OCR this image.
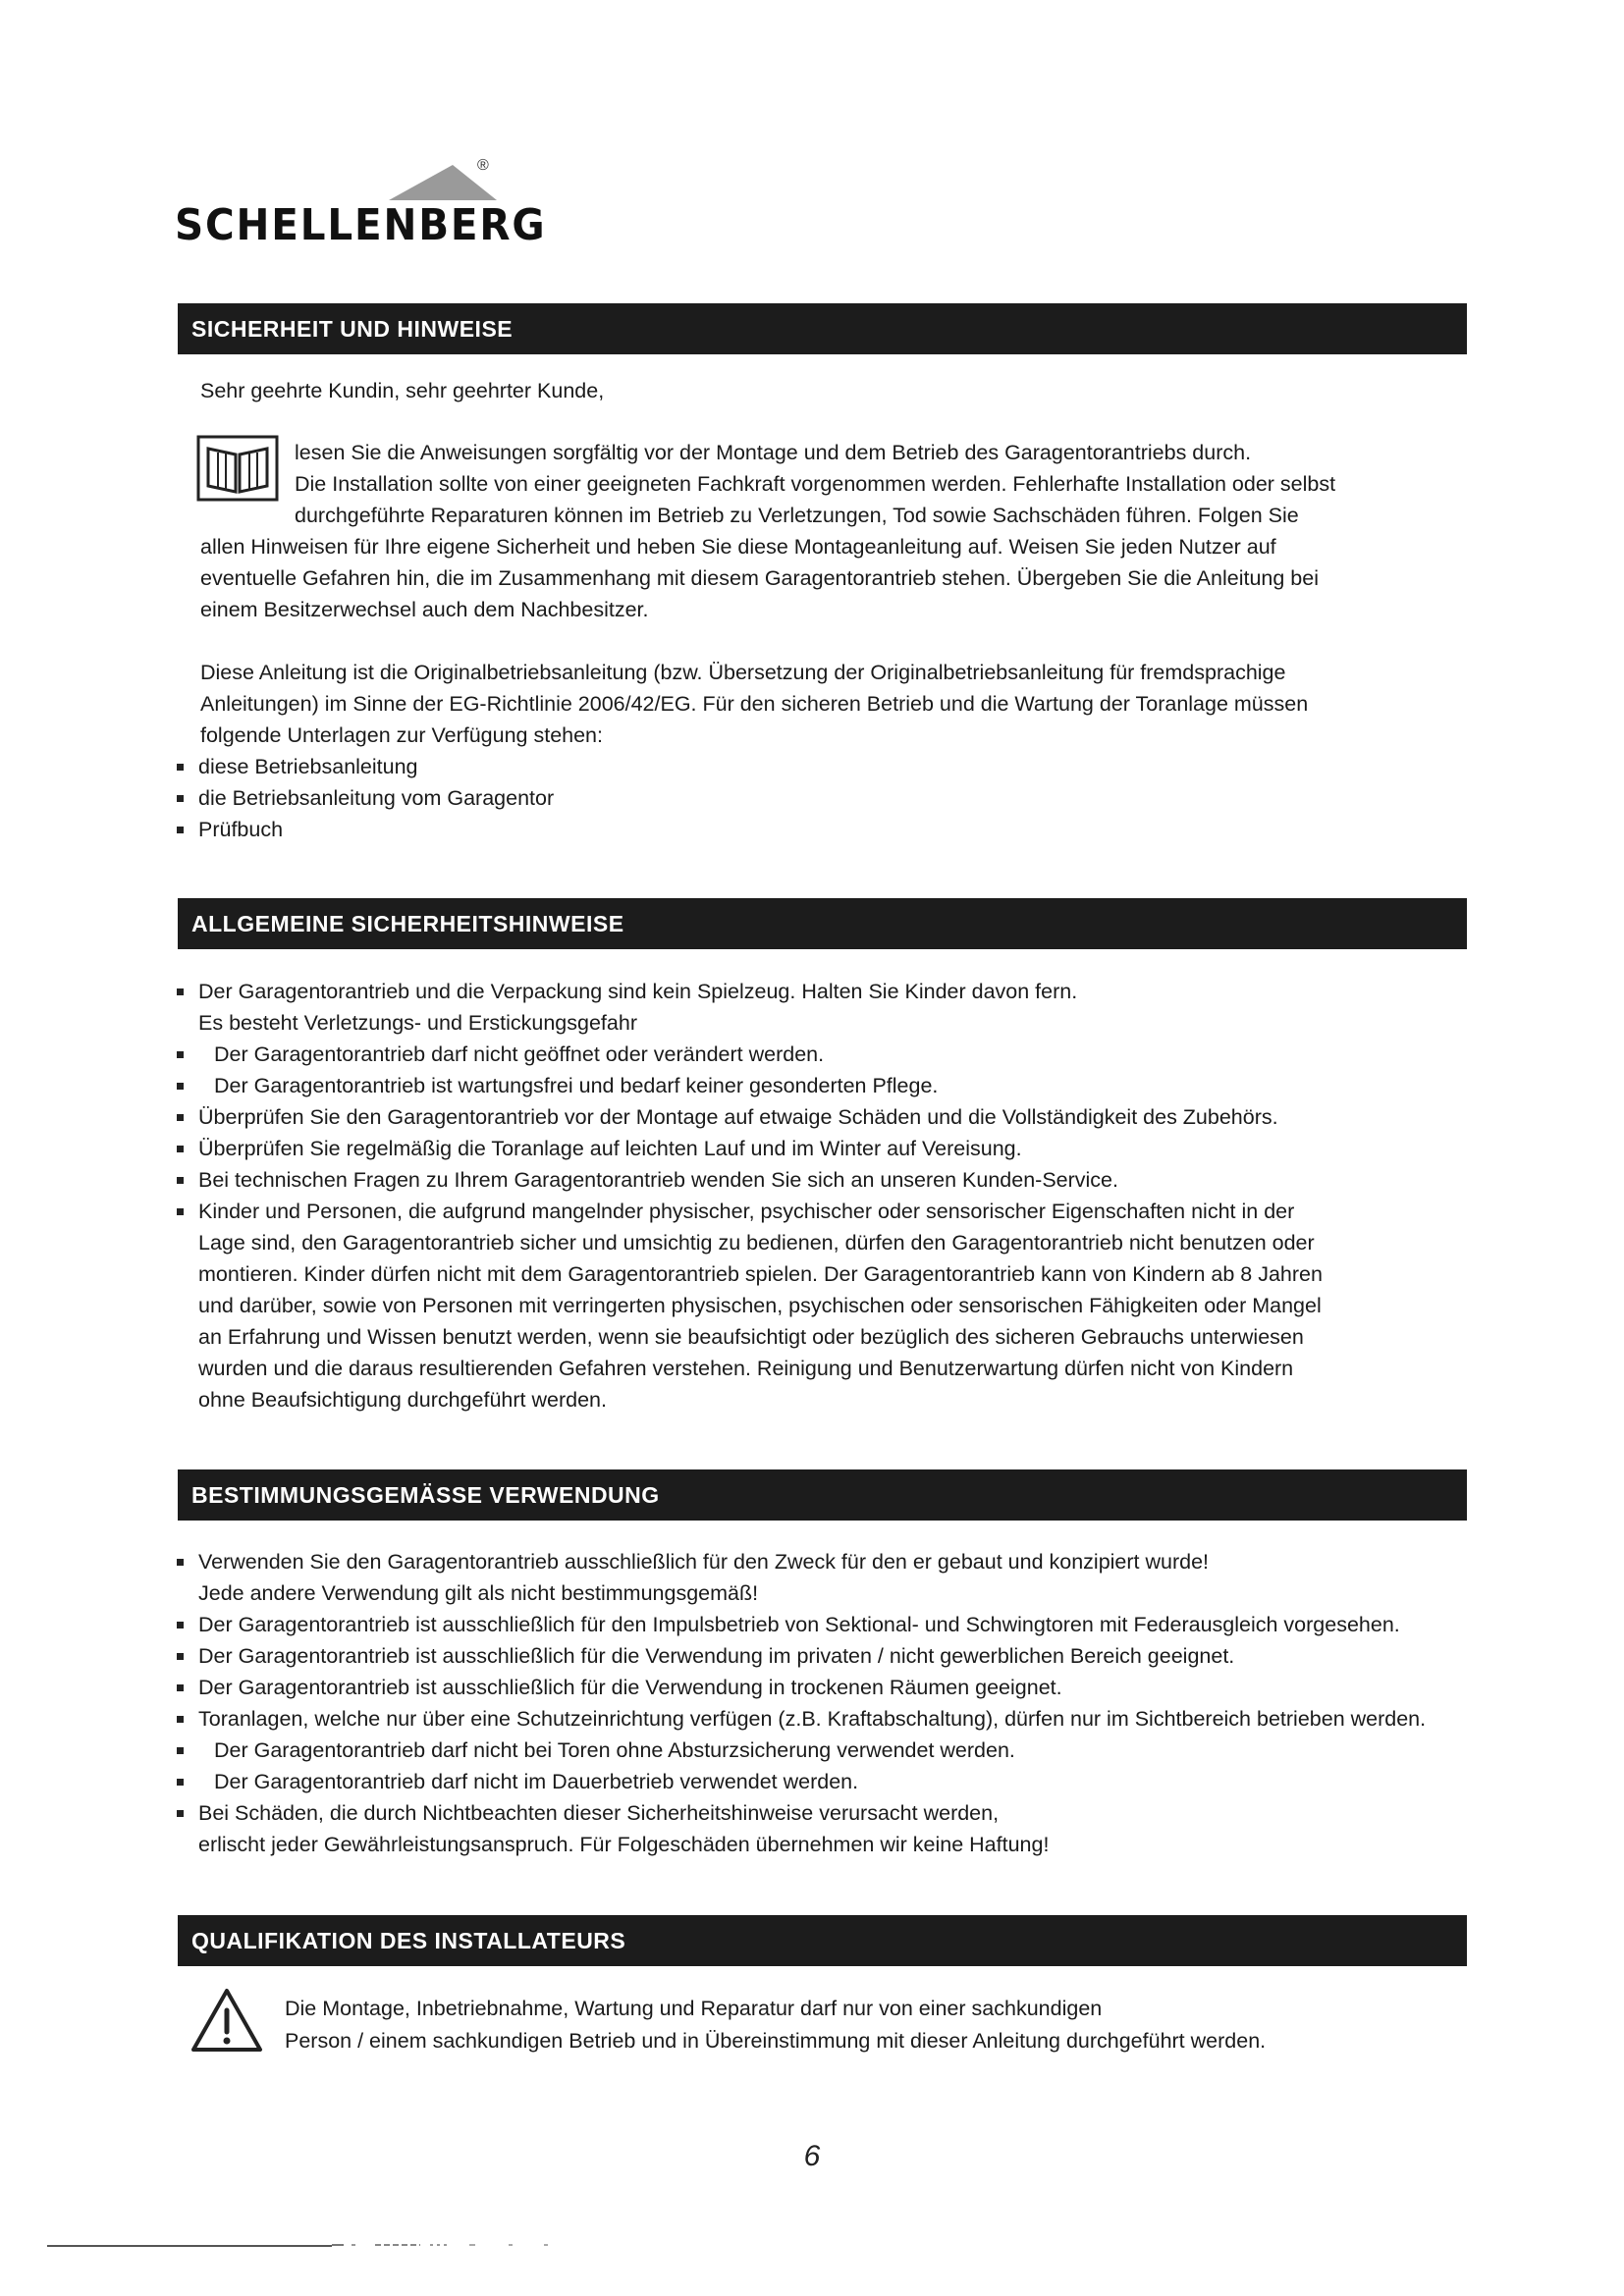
®
SCHELLENBERG
SICHERHEIT UND HINWEISE
Sehr geehrte Kundin, sehr geehrter Kunde,
lesen Sie die Anweisungen sorgfältig vor der Montage und dem Betrieb des Garagentorantriebs durch.
Die Installation sollte von einer geeigneten Fachkraft vorgenommen werden. Fehlerhafte Installation oder selbst
durchgeführte Reparaturen können im Betrieb zu Verletzungen, Tod sowie Sachschäden führen. Folgen Sie
allen Hinweisen für Ihre eigene Sicherheit und heben Sie diese Montageanleitung auf. Weisen Sie jeden Nutzer auf
eventuelle Gefahren hin, die im Zusammenhang mit diesem Garagentorantrieb stehen. Übergeben Sie die Anleitung bei
einem Besitzerwechsel auch dem Nachbesitzer.

Diese Anleitung ist die Originalbetriebsanleitung (bzw. Übersetzung der Originalbetriebsanleitung für fremdsprachige

Anleitungen) im Sinne der EG-Richtlinie 2006/42/EG. Für den sicheren Betrieb und die Wartung der Toranlage müssen

folgende Unterlagen zur Verfügung stehen:

diese Betriebsanleitung
die Betriebsanleitung vom Garagentor
Prüfbuch
ALLGEMEINE SICHERHEITSHINWEISE
Der Garagentorantrieb und die Verpackung sind kein Spielzeug. Halten Sie Kinder davon fern.
Es besteht Verletzungs- und Erstickungsgefahr
Der Garagentorantrieb darf nicht geöffnet oder verändert werden.
Der Garagentorantrieb ist wartungsfrei und bedarf keiner gesonderten Pflege.
Überprüfen Sie den Garagentorantrieb vor der Montage auf etwaige Schäden und die Vollständigkeit des Zubehörs.
Überprüfen Sie regelmäßig die Toranlage auf leichten Lauf und im Winter auf Vereisung.
Bei technischen Fragen zu Ihrem Garagentorantrieb wenden Sie sich an unseren Kunden-Service.
Kinder und Personen, die aufgrund mangelnder physischer, psychischer oder sensorischer Eigenschaften nicht in der
Lage sind, den Garagentorantrieb sicher und umsichtig zu bedienen, dürfen den Garagentorantrieb nicht benutzen oder
montieren. Kinder dürfen nicht mit dem Garagentorantrieb spielen. Der Garagentorantrieb kann von Kindern ab 8 Jahren
und darüber, sowie von Personen mit verringerten physischen, psychischen oder sensorischen Fähigkeiten oder Mangel
an Erfahrung und Wissen benutzt werden, wenn sie beaufsichtigt oder bezüglich des sicheren Gebrauchs unterwiesen
wurden und die daraus resultierenden Gefahren verstehen. Reinigung und Benutzerwartung dürfen nicht von Kindern
ohne Beaufsichtigung durchgeführt werden.
BESTIMMUNGSGEMÄSSE VERWENDUNG
Verwenden Sie den Garagentorantrieb ausschließlich für den Zweck für den er gebaut und konzipiert wurde!
Jede andere Verwendung gilt als nicht bestimmungsgemäß!
Der Garagentorantrieb ist ausschließlich für den Impulsbetrieb von Sektional- und Schwingtoren mit Federausgleich vorgesehen.
Der Garagentorantrieb ist ausschließlich für die Verwendung im privaten / nicht gewerblichen Bereich geeignet.
Der Garagentorantrieb ist ausschließlich für die Verwendung in trockenen Räumen geeignet.
Toranlagen, welche nur über eine Schutzeinrichtung verfügen (z.B. Kraftabschaltung), dürfen nur im Sichtbereich betrieben werden.
Der Garagentorantrieb darf nicht bei Toren ohne Absturzsicherung verwendet werden.
Der Garagentorantrieb darf nicht im Dauerbetrieb verwendet werden.
Bei Schäden, die durch Nichtbeachten dieser Sicherheitshinweise verursacht werden,
erlischt jeder Gewährleistungsanspruch. Für Folgeschäden übernehmen wir keine Haftung!
QUALIFIKATION DES INSTALLATEURS
Die Montage, Inbetriebnahme, Wartung und Reparatur darf nur von einer sachkundigen
Person / einem sachkundigen Betrieb und in Übereinstimmung mit dieser Anleitung durchgeführt werden.
6
